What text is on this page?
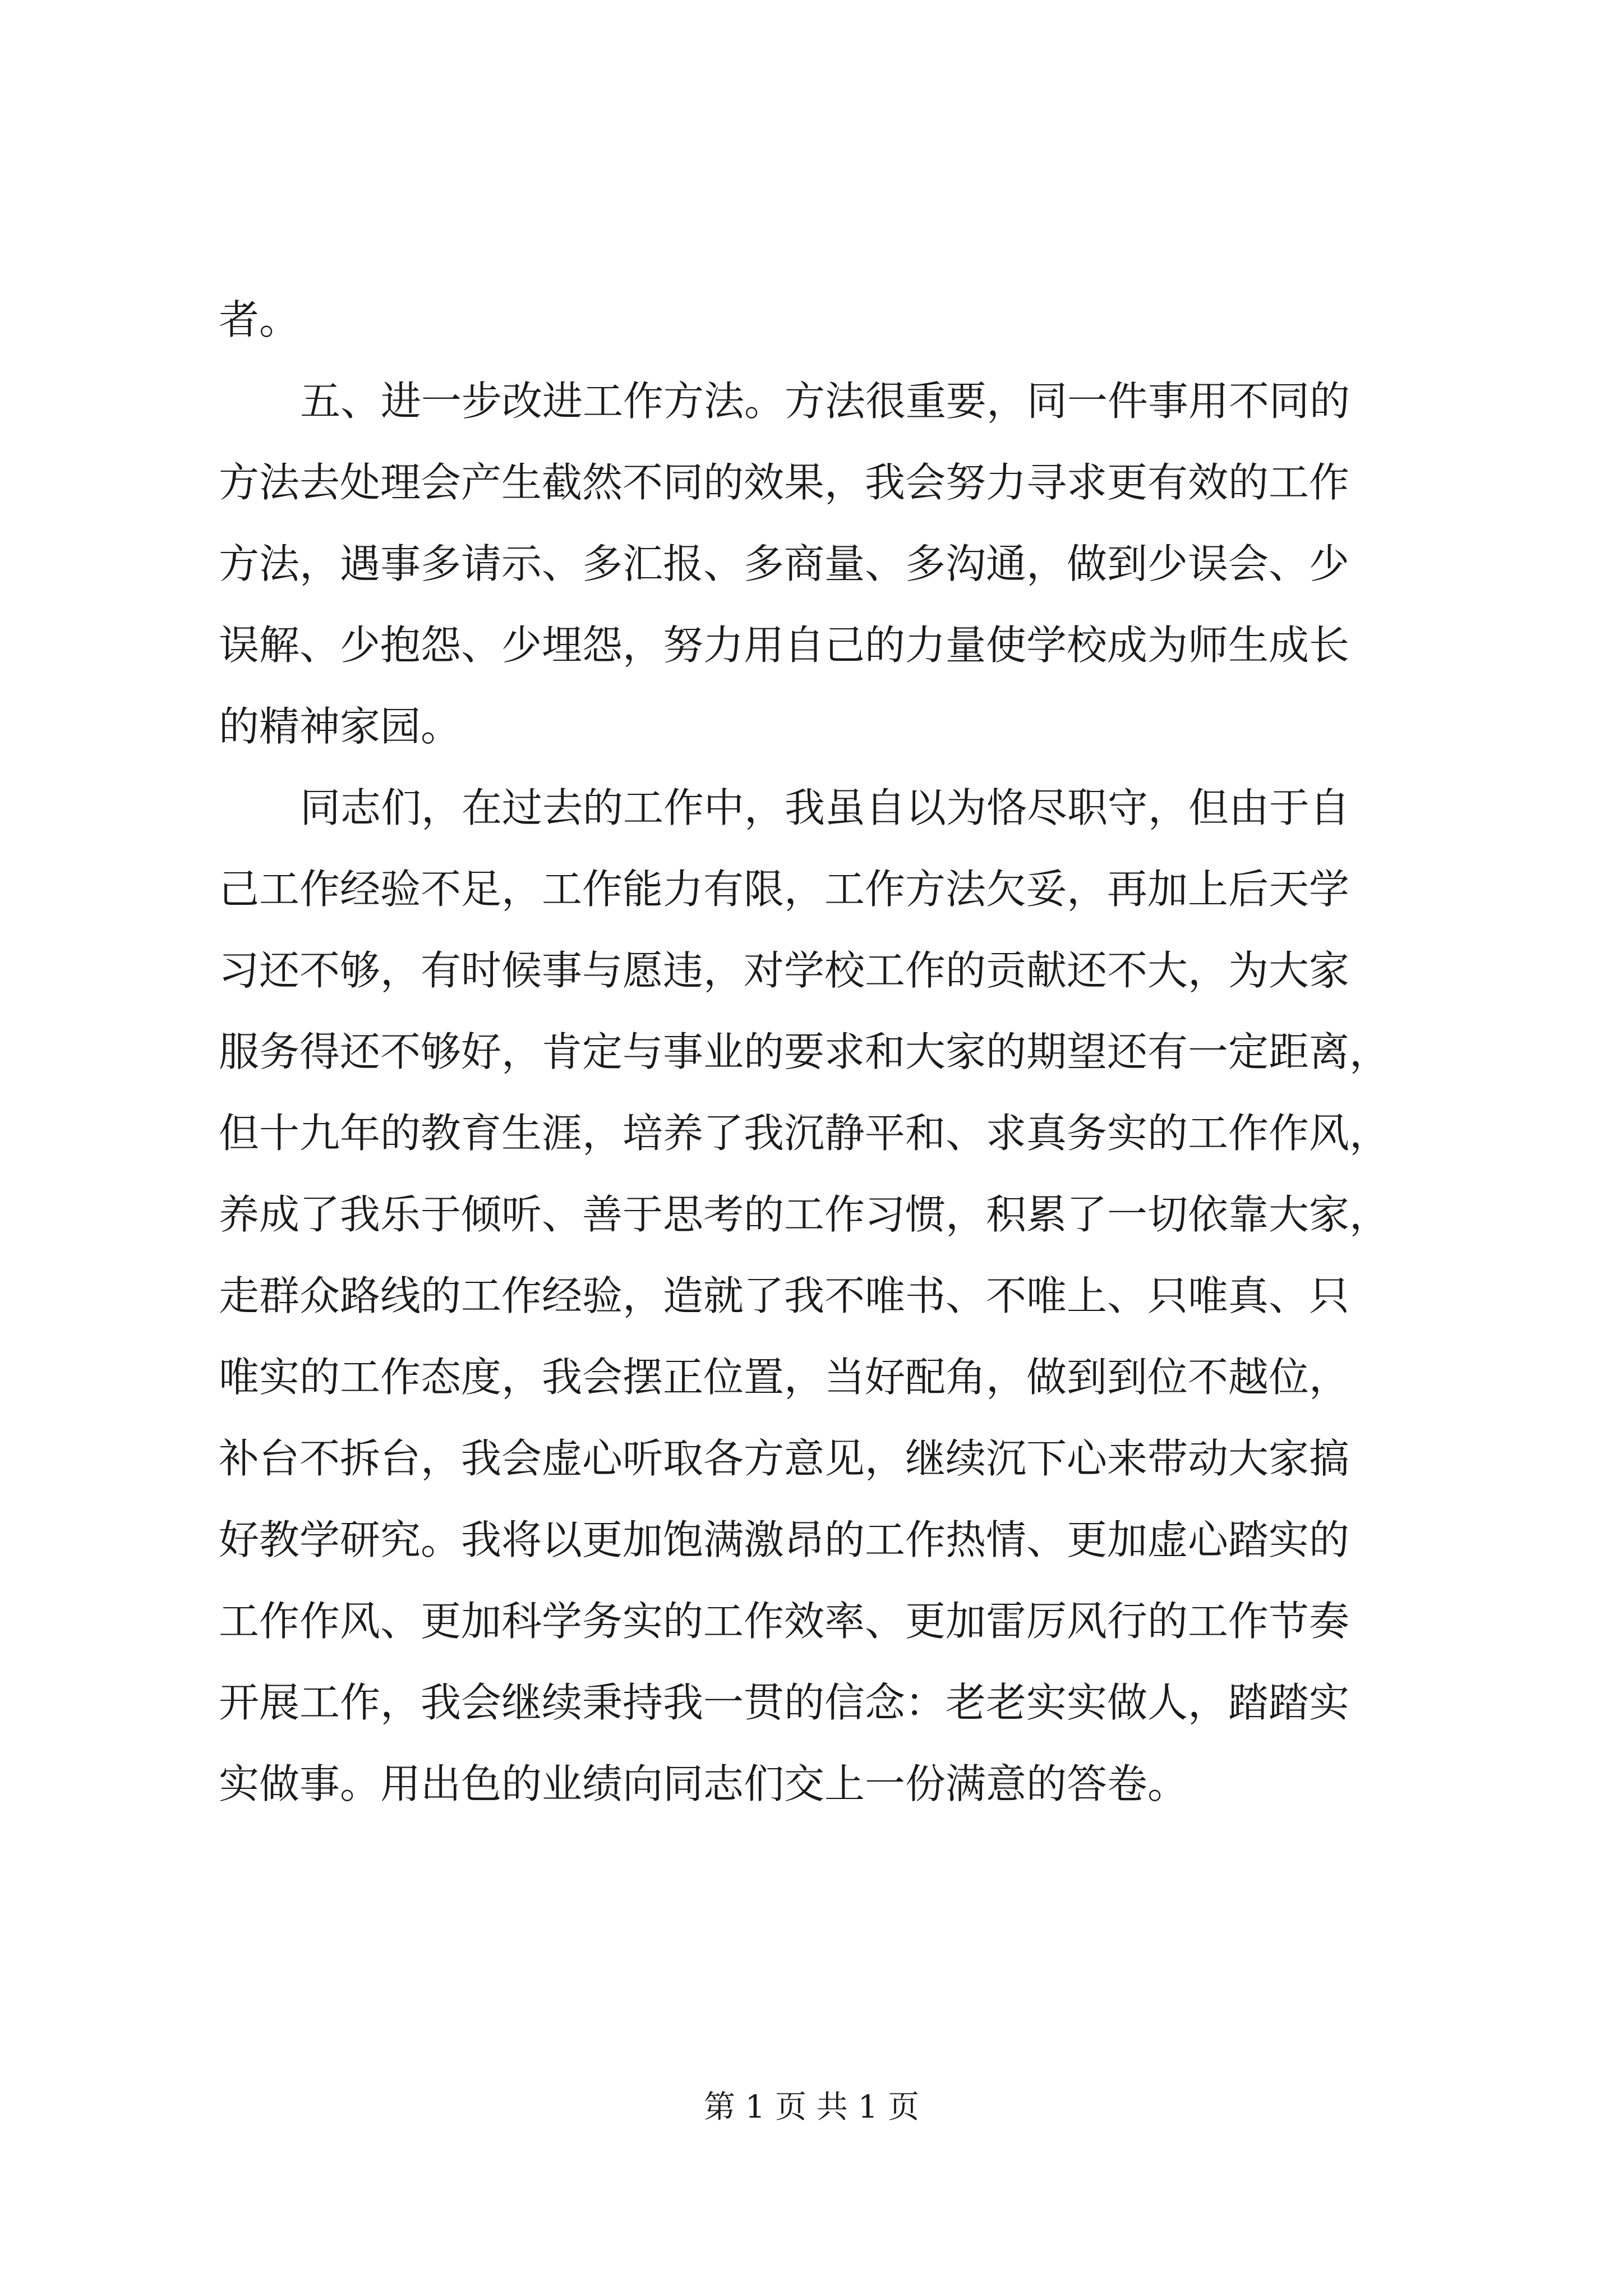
者。
五、进一步改进工作方法。方法很重要，同一件事用不同的
方法去处理会产生截然不同的效果，我会努力寻求更有效的工作
方法，遇事多请示、多汇报、多商量、多沟通，做到少误会、少
误解、少抱怨、少埋怨，努力用自己的力量使学校成为师生成长
的精神家园。
同志们，在过去的工作中，我虽自以为恪尽职守，但由于自
己工作经验不足，工作能力有限，工作方法欠妥，再加上后天学
习还不够，有时候事与愿违，对学校工作的贡献还不大，为大家
服务得还不够好，肯定与事业的要求和大家的期望还有一定距离，
但十九年的教育生涯，培养了我沉静平和、求真务实的工作作风，
养成了我乐于倾听、善于思考的工作习惯，积累了一切依靠大家，
走群众路线的工作经验，造就了我不唯书、不唯上、只唯真、只
唯实的工作态度，我会摆正位置，当好配角，做到到位不越位，
补台不拆台，我会虚心听取各方意见，继续沉下心来带动大家搞
好教学研究。我将以更加饱满激昂的工作热情、更加虚心踏实的
工作作风、更加科学务实的工作效率、更加雷厉风行的工作节奏
开展工作，我会继续秉持我一贯的信念：老老实实做人，踏踏实
实做事。用出色的业绩向同志们交上一份满意的答卷。
第 1 页 共 1 页
